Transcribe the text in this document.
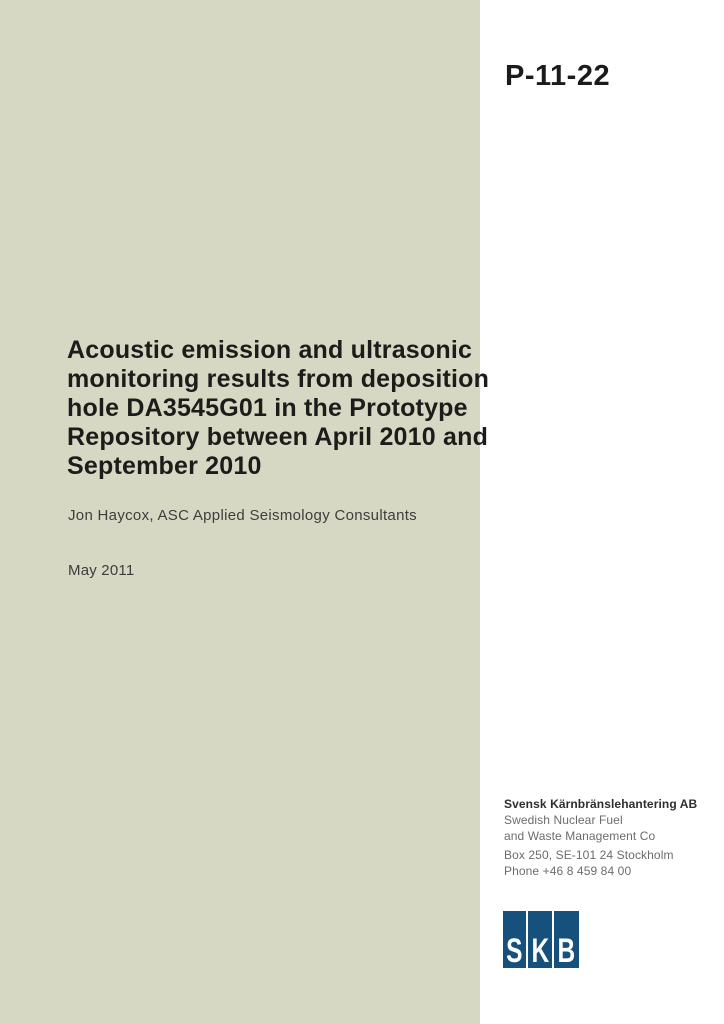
P-11-22
Acoustic emission and ultrasonic
monitoring results from deposition
hole DA3545G01 in the Prototype
Repository between April 2010 and
September 2010
Jon Haycox, ASC Applied Seismology Consultants
May 2011
Svensk Kärnbränslehantering AB
Swedish Nuclear Fuel
and Waste Management Co
Box 250, SE-101 24 Stockholm
Phone +46 8 459 84 00
S K B
